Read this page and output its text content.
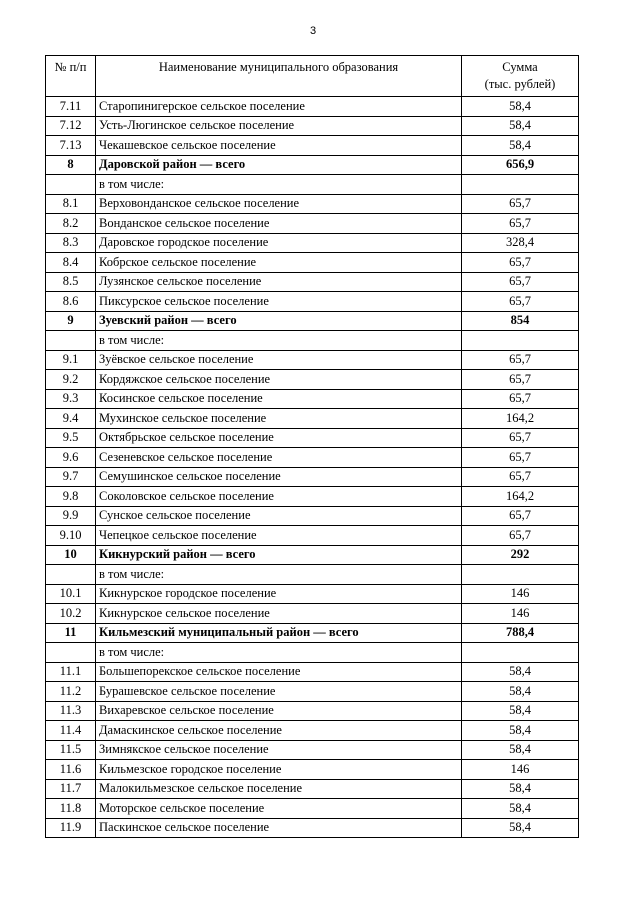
3
№ п/п	Наименование муниципального образования	Сумма
(тыс. рублей)
7.11	Старопинигерское сельское поселение	58,4
7.12	Усть-Люгинское сельское поселение	58,4
7.13	Чекашевское сельское поселение	58,4
8	Даровской район — всего	656,9
	в том числе:	
8.1	Верховонданское сельское поселение	65,7
8.2	Вонданское сельское поселение	65,7
8.3	Даровское городское поселение	328,4
8.4	Кобрское сельское поселение	65,7
8.5	Лузянское сельское поселение	65,7
8.6	Пиксурское сельское поселение	65,7
9	Зуевский район — всего	854
	в том числе:	
9.1	Зуёвское сельское поселение	65,7
9.2	Кордяжское сельское поселение	65,7
9.3	Косинское сельское поселение	65,7
9.4	Мухинское сельское поселение	164,2
9.5	Октябрьское сельское поселение	65,7
9.6	Сезеневское сельское поселение	65,7
9.7	Семушинское сельское поселение	65,7
9.8	Соколовское сельское поселение	164,2
9.9	Сунское сельское поселение	65,7
9.10	Чепецкое сельское поселение	65,7
10	Кикнурский район — всего	292
	в том числе:	
10.1	Кикнурское городское поселение	146
10.2	Кикнурское сельское поселение	146
11	Кильмезский муниципальный район — всего	788,4
	в том числе:	
11.1	Большепорекское сельское поселение	58,4
11.2	Бурашевское сельское поселение	58,4
11.3	Вихаревское сельское поселение	58,4
11.4	Дамаскинское сельское поселение	58,4
11.5	Зимнякское сельское поселение	58,4
11.6	Кильмезское городское поселение	146
11.7	Малокильмезское сельское поселение	58,4
11.8	Моторское сельское поселение	58,4
11.9	Паскинское сельское поселение	58,4
